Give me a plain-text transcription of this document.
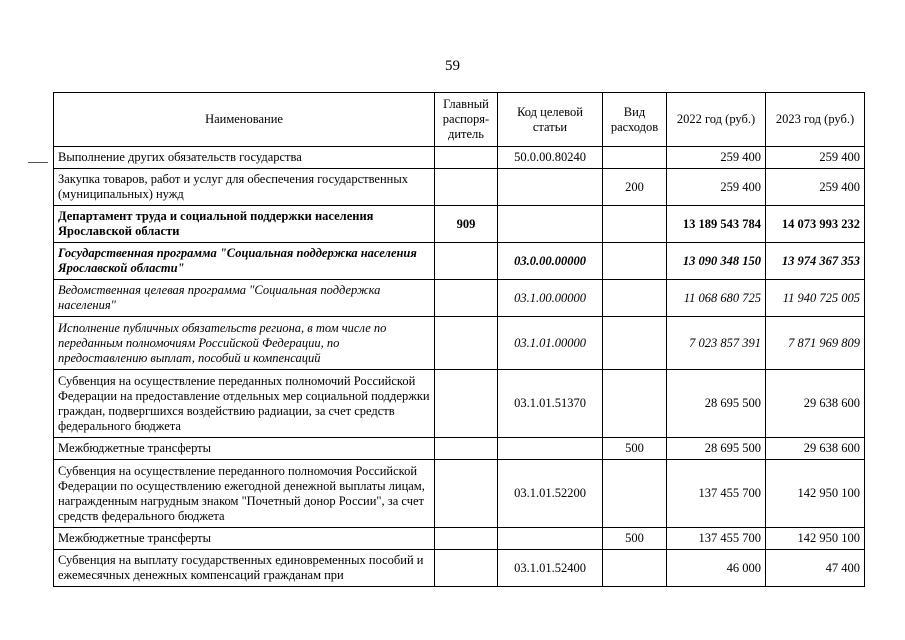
59
Наименование	Главный распоря-дитель	Код целевой статьи	Вид расходов	2022 год (руб.)	2023 год (руб.)
Выполнение других обязательств государства		50.0.00.80240		259 400	259 400
Закупка товаров, работ и услуг для обеспечения государственных (муниципальных) нужд			200	259 400	259 400
Департамент труда и социальной поддержки населения Ярославской области	909			13 189 543 784	14 073 993 232
Государственная программа "Социальная поддержка населения Ярославской области"		03.0.00.00000		13 090 348 150	13 974 367 353
Ведомственная целевая программа "Социальная поддержка населения"		03.1.00.00000		11 068 680 725	11 940 725 005
Исполнение публичных обязательств региона, в том числе по переданным полномочиям Российской Федерации, по предоставлению выплат, пособий и компенсаций		03.1.01.00000		7 023 857 391	7 871 969 809
Субвенция на осуществление переданных полномочий Российской Федерации на предоставление отдельных мер социальной поддержки граждан, подвергшихся воздействию радиации, за счет средств федерального бюджета		03.1.01.51370		28 695 500	29 638 600
Межбюджетные трансферты			500	28 695 500	29 638 600
Субвенция на осуществление переданного полномочия Российской Федерации по осуществлению ежегодной денежной выплаты лицам, награжденным нагрудным знаком "Почетный донор России", за счет средств федерального бюджета		03.1.01.52200		137 455 700	142 950 100
Межбюджетные трансферты			500	137 455 700	142 950 100
Субвенция на выплату государственных единовременных пособий и ежемесячных денежных компенсаций гражданам при		03.1.01.52400		46 000	47 400
